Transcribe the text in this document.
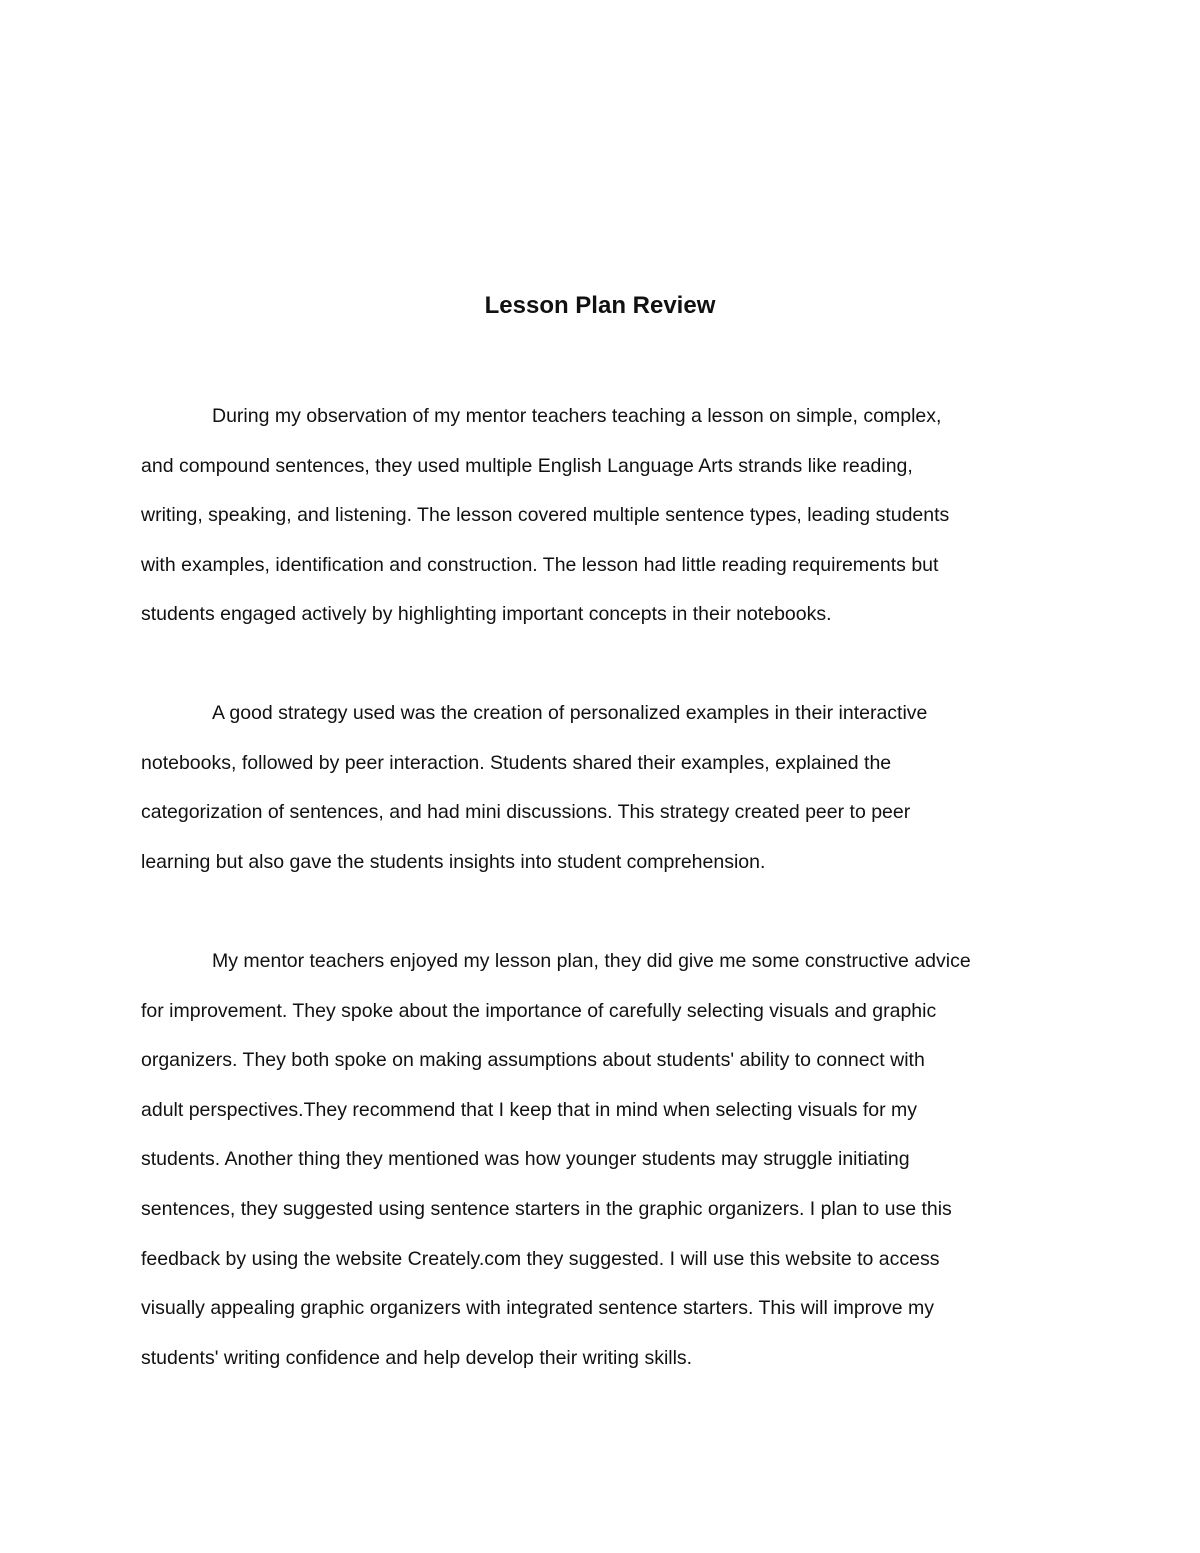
Lesson Plan Review
During my observation of my mentor teachers teaching a lesson on simple, complex,
and compound sentences, they used multiple English Language Arts strands like reading,
writing, speaking, and listening. The lesson covered multiple sentence types, leading students
with examples, identification and construction. The lesson had little reading requirements but
students engaged actively by highlighting important concepts in their notebooks.
A good strategy used was the creation of personalized examples in their interactive
notebooks, followed by peer interaction. Students shared their examples, explained the
categorization of sentences, and had mini discussions. This strategy created peer to peer
learning but also gave the students insights into student comprehension.
My mentor teachers enjoyed my lesson plan, they did give me some constructive advice
for improvement. They spoke about the importance of carefully selecting visuals and graphic
organizers. They both spoke on making assumptions about students' ability to connect with
adult perspectives.They recommend that I keep that in mind when selecting visuals for my
students. Another thing they mentioned was how younger students may struggle initiating
sentences, they suggested using sentence starters in the graphic organizers. I plan to use this
feedback by using the website Creately.com they suggested. I will use this website to access
visually appealing graphic organizers with integrated sentence starters. This will improve my
students' writing confidence and help develop their writing skills.
